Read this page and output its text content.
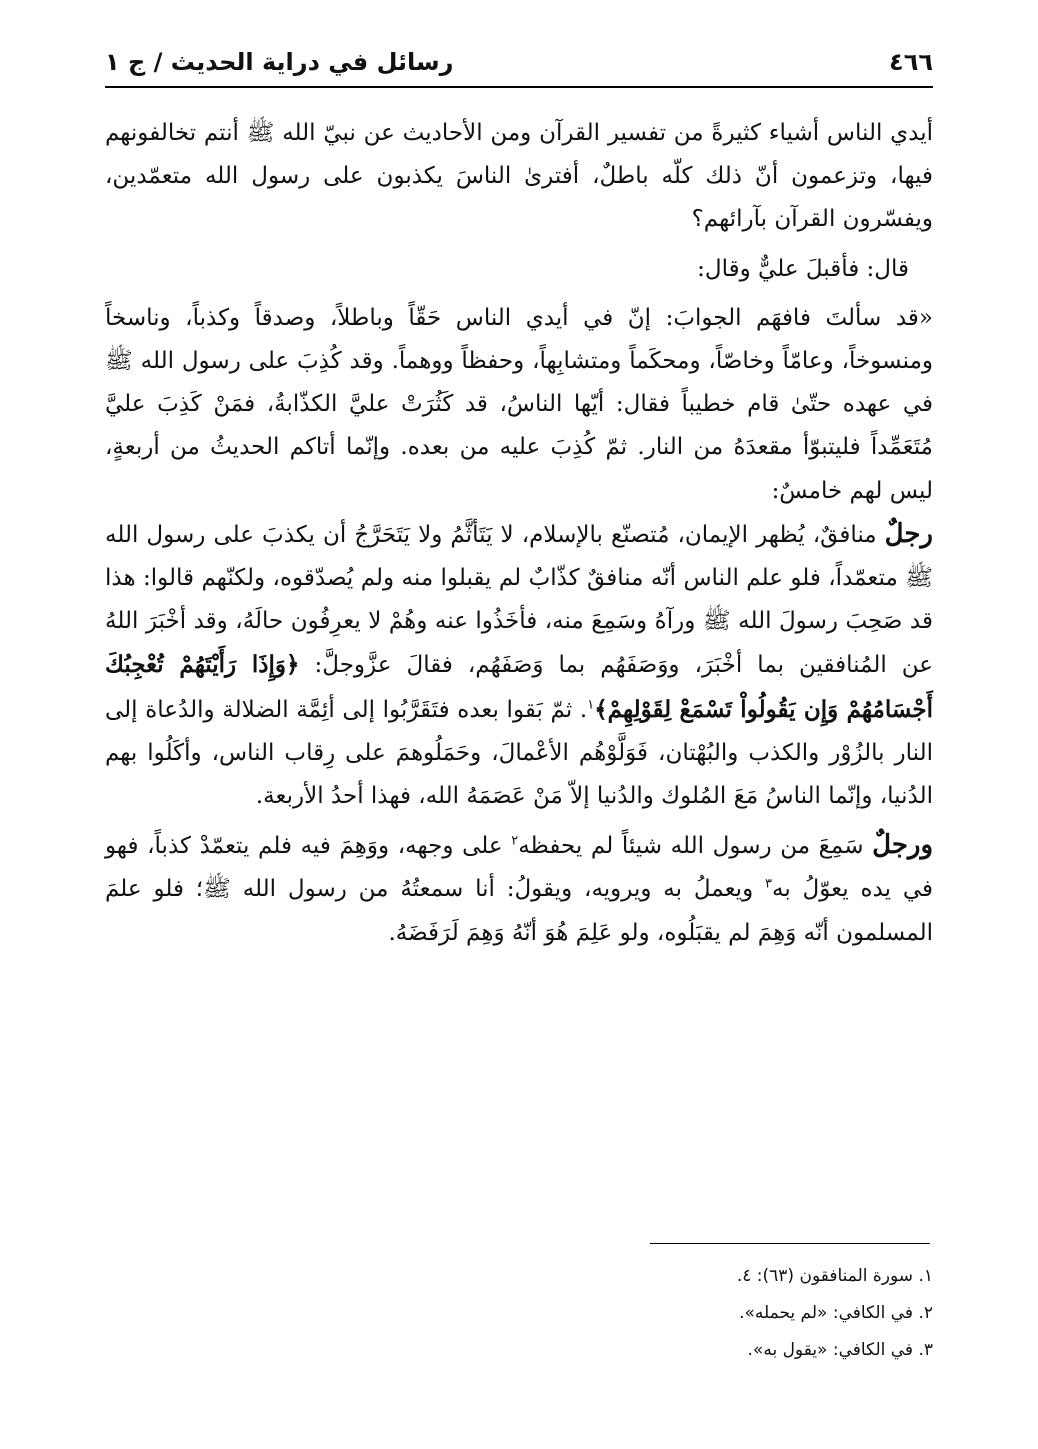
٤٦٦
رسائل في دراية الحديث / ج ١

أيدي الناس أشياء كثيرةً من تفسير القرآن ومن الأحاديث عن نبيّ الله ﷺ أنتم تخالفونهم فيها، وتزعمون أنّ ذلك كلّه باطلٌ، أفترىٰ الناسَ يكذبون على رسول الله متعمّدين، ويفسّرون القرآن بآرائهم؟

قال: فأقبلَ عليٌّ وقال:

«قد سألتَ فافهَم الجوابَ: إنّ في أيدي الناس حَقّاً وباطلاً، وصدقاً وكذباً، وناسخاً ومنسوخاً، وعامّاً وخاصّاً، ومحكَماً ومتشابِهاً، وحفظاً ووهماً. وقد كُذِبَ على رسول الله ﷺ في عهده حتّىٰ قام خطيباً فقال: أيّها الناسُ، قد كَثُرَتْ عليَّ الكذّابةُ، فمَنْ كَذِبَ عليَّ مُتَعَمِّداً فليتبوّأ مقعدَهُ من النار. ثمّ كُذِبَ عليه من بعده. وإنّما أتاكم الحديثُ من أربعةٍ، ليس لهم خامسٌ:

رجلٌ منافقٌ، يُظهر الإيمان، مُتصنّع بالإسلام، لا يَتَأثَّمُ ولا يَتَحَرَّجُ أن يكذبَ على رسول الله ﷺ متعمّداً، فلو علم الناس أنّه منافقٌ كذّابٌ لم يقبلوا منه ولم يُصدّقوه، ولكنّهم قالوا: هذا قد صَحِبَ رسولَ الله ﷺ ورآهُ وسَمِعَ منه، فأخَذُوا عنه وهُمْ لا يعرِفُون حالَهُ، وقد أخْبَرَ اللهُ عن المُنافقين بما أخْبَرَ، ووَصَفَهُم بما وَصَفَهُم، فقالَ عزَّوجلَّ: ﴿وَإِذَا رَأَيْتَهُمْ تُعْجِبُكَ أَجْسَامُهُمْ وَإِن يَقُولُواْ تَسْمَعْ لِقَوْلِهِمْ﴾$^١$. ثمّ بَقوا بعده فتَقَرَّبُوا إلى أئِمَّة الضلالة والدُعاة إلى النار بالزُوْر والكذب والبُهْتان، فَوَلَّوْهُم الأعْمالَ، وحَمَلُوهمَ على رِقاب الناس، وأكَلُوا بهم الدُنيا، وإنّما الناسُ مَعَ المُلوك والدُنيا إلاّ مَنْ عَصَمَهُ الله، فهذا أحدُ الأربعة.

ورجلٌ سَمِعَ من رسول الله شيئاً لم يحفظه$^٢$ على وجهه، ووَهِمَ فيه فلم يتعمّدْ كذباً، فهو في يده يعوّلُ به$^٣$ ويعملُ به ويرويه، ويقولُ: أنا سمعتُهُ من رسول الله ﷺ؛ فلو علمَ المسلمون أنّه وَهِمَ لم يقبَلُوه، ولو عَلِمَ هُوَ أنّهُ وَهِمَ لَرَفَضَهُ.

١. سورة المنافقون (٦٣): ٤.

٢. في الكافي: «لم يحمله».

٣. في الكافي: «يقول به».
